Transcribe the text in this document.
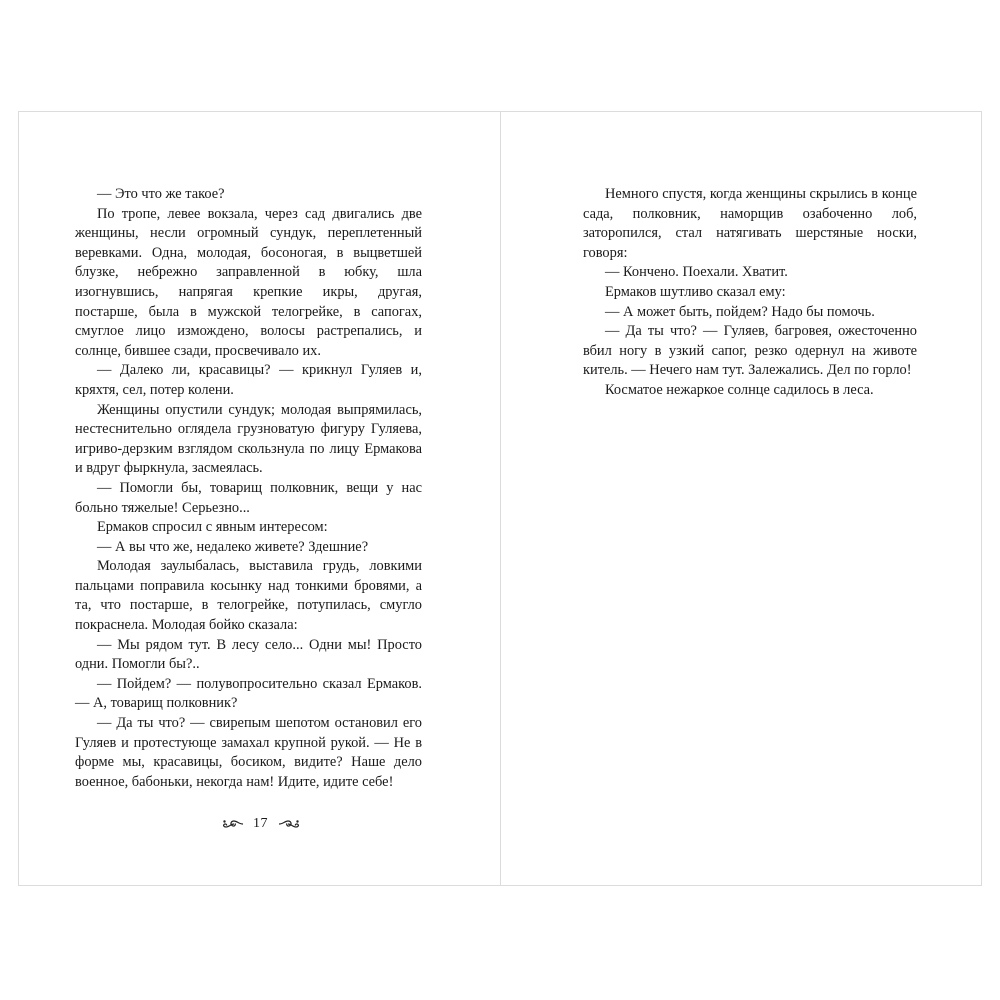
— Это что же такое?

По тропе, левее вокзала, через сад двигались две женщины, несли огромный сундук, переплетенный веревками. Одна, молодая, босоногая, в выцветшей блузке, небрежно заправленной в юбку, шла изогнувшись, напрягая крепкие икры, другая, постарше, была в мужской телогрейке, в сапогах, смуглое лицо измождено, волосы растрепались, и солнце, бившее сзади, просвечивало их.

— Далеко ли, красавицы? — крикнул Гуляев и, кряхтя, сел, потер колени.

Женщины опустили сундук; молодая выпрямилась, нестеснительно оглядела грузноватую фигуру Гуляева, игриво-дерзким взглядом скользнула по лицу Ермакова и вдруг фыркнула, засмеялась.

— Помогли бы, товарищ полковник, вещи у нас больно тяжелые! Серьезно...

Ермаков спросил с явным интересом:

— А вы что же, недалеко живете? Здешние?

Молодая заулыбалась, выставила грудь, ловкими пальцами поправила косынку над тонкими бровями, а та, что постарше, в телогрейке, потупилась, смугло покраснела. Молодая бойко сказала:

— Мы рядом тут. В лесу село... Одни мы! Просто одни. Помогли бы?..

— Пойдем? — полувопросительно сказал Ермаков. — А, товарищ полковник?

— Да ты что? — свирепым шепотом остановил его Гуляев и протестующе замахал крупной рукой. — Не в форме мы, красавицы, босиком, видите? Наше дело военное, бабоньки, некогда нам! Идите, идите себе!

17

Немного спустя, когда женщины скрылись в конце сада, полковник, наморщив озабоченно лоб, заторопился, стал натягивать шерстяные носки, говоря:

— Кончено. Поехали. Хватит.

Ермаков шутливо сказал ему:

— А может быть, пойдем? Надо бы помочь.

— Да ты что? — Гуляев, багровея, ожесточенно вбил ногу в узкий сапог, резко одернул на животе китель. — Нечего нам тут. Залежались. Дел по горло!

Косматое нежаркое солнце садилось в леса.
